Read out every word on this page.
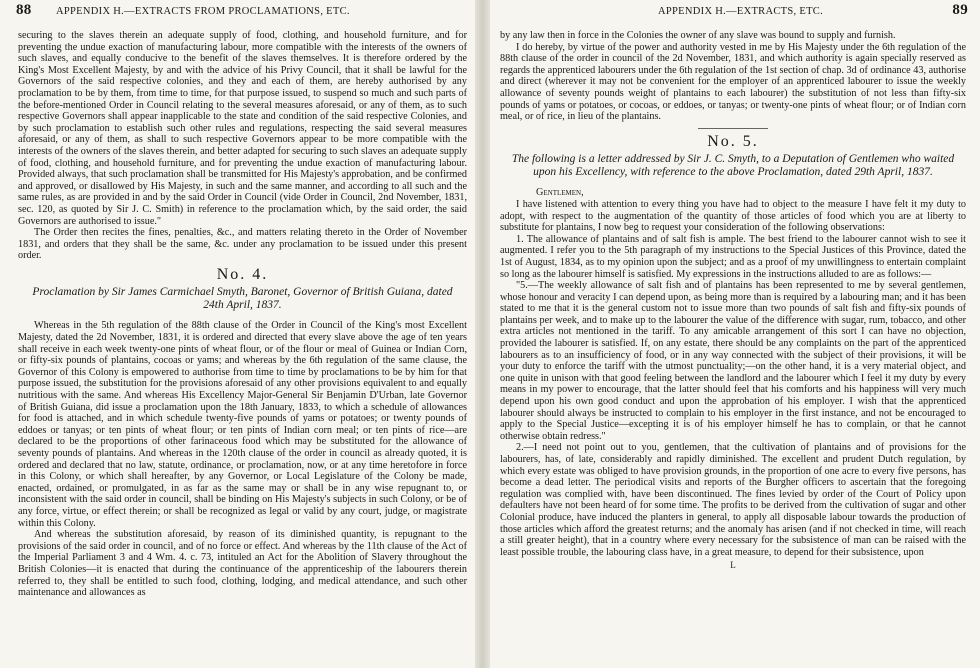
88 APPENDIX H.—EXTRACTS FROM PROCLAMATIONS, ETC.

securing to the slaves therein an adequate supply of food, clothing, and household furniture, and for preventing the undue exaction of manufacturing labour, more compatible with the interests of the owners of such slaves, and equally conducive to the benefit of the slaves themselves. It is therefore ordered by the King's Most Excellent Majesty, by and with the advice of his Privy Council, that it shall be lawful for the Governors of the said respective colonies, and they and each of them, are hereby authorised by any proclamation to be by them, from time to time, for that purpose issued, to suspend so much and such parts of the before-mentioned Order in Council relating to the several measures aforesaid, or any of them, as to such respective Governors shall appear inapplicable to the state and condition of the said respective Colonies, and by such proclamation to establish such other rules and regulations, respecting the said several measures aforesaid, or any of them, as shall to such respective Governors appear to be more compatible with the interests of the owners of the slaves therein, and better adapted for securing to such slaves an adequate supply of food, clothing, and household furniture, and for preventing the undue exaction of manufacturing labour. Provided always, that such proclamation shall be transmitted for His Majesty's approbation, and be confirmed and approved, or disallowed by His Majesty, in such and the same manner, and according to all such and the same rules, as are provided in and by the said Order in Council (vide Order in Council, 2nd November, 1831, sec. 120, as quoted by Sir J. C. Smith) in reference to the proclamation which, by the said order, the said Governors are authorised to issue."

The Order then recites the fines, penalties, &c., and matters relating thereto in the Order of November 1831, and orders that they shall be the same, &c. under any proclamation to be issued under this present order.

No. 4.
Proclamation by Sir James Carmichael Smyth, Baronet, Governor of British Guiana, dated 24th April, 1837.

Whereas in the 5th regulation of the 88th clause of the Order in Council of the King's most Excellent Majesty, dated the 2d November, 1831, it is ordered and directed that every slave above the age of ten years shall receive in each week twenty-one pints of wheat flour, or of the flour or meal of Guinea or Indian Corn, or fifty-six pounds of plantains, cocoas or yams; and whereas by the 6th regulation of the same clause, the Governor of this Colony is empowered to authorise from time to time by proclamations to be by him for that purpose issued, the substitution for the provisions aforesaid of any other provisions equivalent to and equally nutritious with the same. And whereas His Excellency Major-General Sir Benjamin D'Urban, late Governor of British Guiana, did issue a proclamation upon the 18th January, 1833, to which a schedule of allowances for food is attached, and in which schedule twenty-five pounds of yams or potatoes; or twenty pounds of eddoes or tanyas; or ten pints of wheat flour; or ten pints of Indian corn meal; or ten pints of rice—are declared to be the proportions of other farinaceous food which may be substituted for the allowance of seventy pounds of plantains. And whereas in the 120th clause of the order in council as already quoted, it is ordered and declared that no law, statute, ordinance, or proclamation, now, or at any time heretofore in force in this Colony, or which shall hereafter, by any Governor, or Local Legislature of the Colony be made, enacted, ordained, or promulgated, in as far as the same may or shall be in any wise repugnant to, or inconsistent with the said order in council, shall be binding on His Majesty's subjects in such Colony, or be of any force, virtue, or effect therein; or shall be recognized as legal or valid by any court, judge, or magistrate within this Colony.

And whereas the substitution aforesaid, by reason of its diminished quantity, is repugnant to the provisions of the said order in council, and of no force or effect. And whereas by the 11th clause of the Act of the Imperial Parliament 3 and 4 Wm. 4. c. 73, intituled an Act for the Abolition of Slavery throughout the British Colonies—it is enacted that during the continuance of the apprenticeship of the labourers therein referred to, they shall be entitled to such food, clothing, lodging, and medical attendance, and such other maintenance and allowances as

APPENDIX H.—EXTRACTS, ETC.	89

by any law then in force in the Colonies the owner of any slave was bound to supply and furnish.

I do hereby, by virtue of the power and authority vested in me by His Majesty under the 6th regulation of the 88th clause of the order in council of the 2d November, 1831, and which authority is again specially reserved as regards the apprenticed labourers under the 6th regulation of the 1st section of chap. 3d of ordinance 43, authorise and direct (wherever it may not be convenient for the employer of an apprenticed labourer to issue the weekly allowance of seventy pounds weight of plantains to each labourer) the substitution of not less than fifty-six pounds of yams or potatoes, or cocoas, or eddoes, or tanyas; or twenty-one pints of wheat flour; or of Indian corn meal, or of rice, in lieu of the plantains.

No. 5.
The following is a letter addressed by Sir J. C. Smyth, to a Deputation of Gentlemen who waited upon his Excellency, with reference to the above Proclamation, dated 29th April, 1837.

Gentlemen,

I have listened with attention to every thing you have had to object to the measure I have felt it my duty to adopt, with respect to the augmentation of the quantity of those articles of food which you are at liberty to substitute for plantains, I now beg to request your consideration of the following observations:

1. The allowance of plantains and of salt fish is ample. The best friend to the labourer cannot wish to see it augmented. I refer you to the 5th paragraph of my instructions to the Special Justices of this Province, dated the 1st of August, 1834, as to my opinion upon the subject; and as a proof of my unwillingness to entertain complaint so long as the labourer himself is satisfied. My expressions in the instructions alluded to are as follows:—

"5.—The weekly allowance of salt fish and of plantains has been represented to me by several gentlemen, whose honour and veracity I can depend upon, as being more than is required by a labouring man; and it has been stated to me that it is the general custom not to issue more than two pounds of salt fish and fifty-six pounds of plantains per week, and to make up to the labourer the value of the difference with sugar, rum, tobacco, and other extra articles not mentioned in the tariff. To any amicable arrangement of this sort I can have no objection, provided the labourer is satisfied. If, on any estate, there should be any complaints on the part of the apprenticed labourers as to an insufficiency of food, or in any way connected with the subject of their provisions, it will be your duty to enforce the tariff with the utmost punctuality;—on the other hand, it is a very material object, and one quite in unison with that good feeling between the landlord and the labourer which I feel it my duty by every means in my power to encourage, that the latter should feel that his comforts and his happiness will very much depend upon his own good conduct and upon the approbation of his employer. I wish that the apprenticed labourer should always be instructed to complain to his employer in the first instance, and not be encouraged to apply to the Special Justice—excepting it is of his employer himself he has to complain, or that he cannot otherwise obtain redress."

2.—I need not point out to you, gentlemen, that the cultivation of plantains and of provisions for the labourers, has, of late, considerably and rapidly diminished. The excellent and prudent Dutch regulation, by which every estate was obliged to have provision grounds, in the proportion of one acre to every five persons, has become a dead letter. The periodical visits and reports of the Burgher officers to ascertain that the foregoing regulation was complied with, have been discontinued. The fines levied by order of the Court of Policy upon defaulters have not been heard of for some time. The profits to be derived from the cultivation of sugar and other Colonial produce, have induced the planters in general, to apply all disposable labour towards the production of those articles which afford the greatest returns; and the anomaly has arisen (and if not checked in time, will reach a still greater height), that in a country where every necessary for the subsistence of man can be raised with the least possible trouble, the labouring class have, in a great measure, to depend for their subsistence, upon

L
